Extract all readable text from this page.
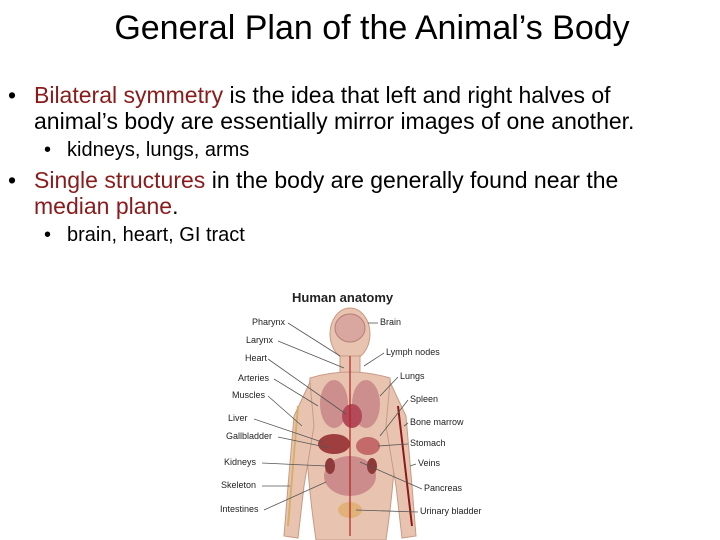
General Plan of the Animal’s Body
• Bilateral symmetry is the idea that left and right halves of
animal’s body are essentially mirror images of one another.
• kidneys, lungs, arms
• Single structures in the body are generally found near the
median plane.
• brain, heart, GI tract
Human anatomy
Pharynx
Larynx
Heart
Arteries
Muscles
Liver
Gallbladder
Kidneys
Skeleton
Intestines
Brain
Lymph nodes
Lungs
Spleen
Bone marrow
Stomach
Veins
Pancreas
Urinary bladder
